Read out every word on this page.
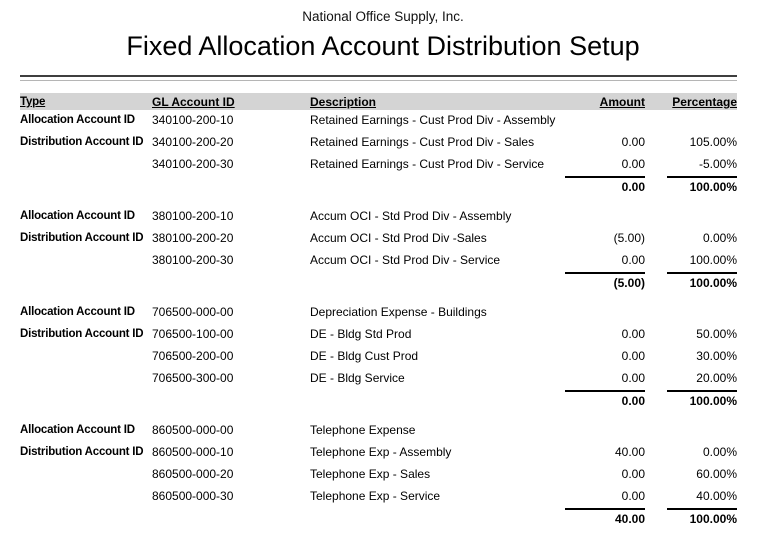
National Office Supply, Inc.
Fixed Allocation Account Distribution Setup
Type	GL Account ID	Description	Amount	Percentage
Allocation Account ID	340100-200-10	Retained Earnings - Cust Prod Div - Assembly		
Distribution Account ID	340100-200-20	Retained Earnings - Cust Prod Div - Sales	0.00	105.00%
	340100-200-30	Retained Earnings - Cust Prod Div - Service	0.00	-5.00%

			0.00	100.00%

Allocation Account ID	380100-200-10	Accum OCI - Std Prod Div - Assembly		
Distribution Account ID	380100-200-20	Accum OCI - Std Prod Div -Sales	(5.00)	0.00%
	380100-200-30	Accum OCI - Std Prod Div - Service	0.00	100.00%

			(5.00)	100.00%

Allocation Account ID	706500-000-00	Depreciation Expense - Buildings		
Distribution Account ID	706500-100-00	DE - Bldg Std Prod	0.00	50.00%
	706500-200-00	DE - Bldg Cust Prod	0.00	30.00%
	706500-300-00	DE - Bldg Service	0.00	20.00%

			0.00	100.00%

Allocation Account ID	860500-000-00	Telephone Expense		
Distribution Account ID	860500-000-10	Telephone Exp - Assembly	40.00	0.00%
	860500-000-20	Telephone Exp - Sales	0.00	60.00%
	860500-000-30	Telephone Exp - Service	0.00	40.00%

			40.00	100.00%
